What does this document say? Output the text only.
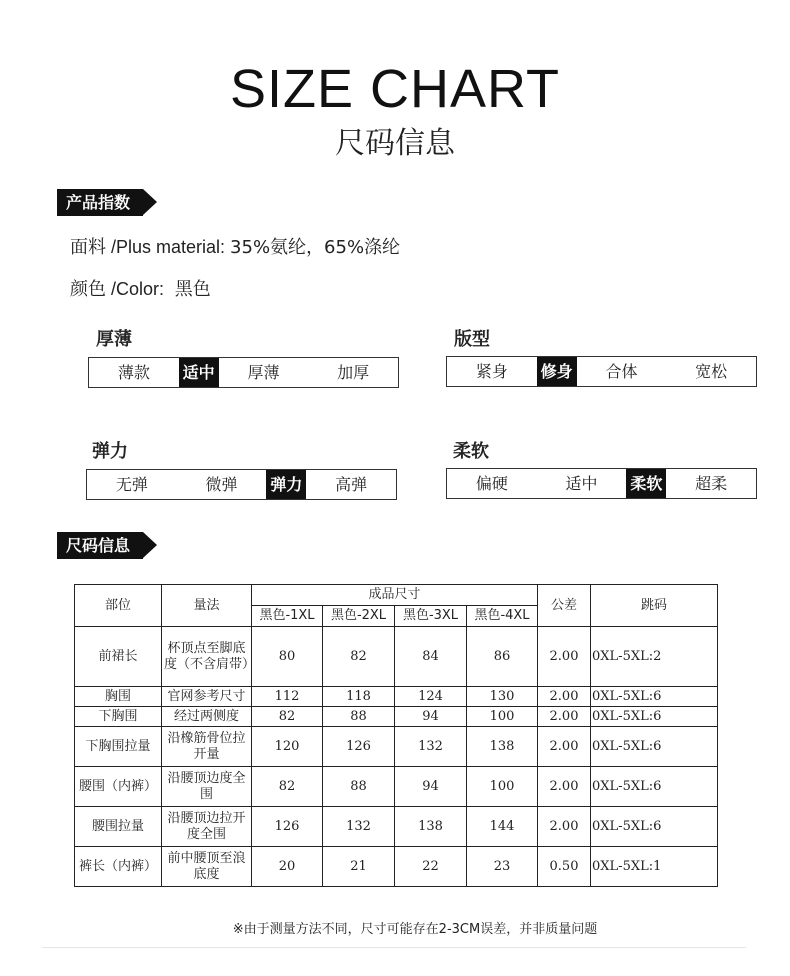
SIZE CHART
尺码信息
产品指数
面料 /Plus material: 35%氨纶，65%涤纶
颜色 /Color:  黑色
厚薄
薄款	适中	厚薄	加厚
版型
紧身	修身	合体	宽松
弹力
无弹	微弹	弹力	高弹
柔软
偏硬	适中	柔软	超柔
尺码信息
部位	量法	成品尺寸				公差	跳码
		黑色-1XL	黑色-2XL	黑色-3XL	黑色-4XL		
前裙长	杯顶点至脚底度（不含肩带）	80	82	84	86	2.00	0XL-5XL:2
胸围	官网参考尺寸	112	118	124	130	2.00	0XL-5XL:6
下胸围	经过两侧度	82	88	94	100	2.00	0XL-5XL:6
下胸围拉量	沿橡筋骨位拉开量	120	126	132	138	2.00	0XL-5XL:6
腰围（内裤）	沿腰顶边度全围	82	88	94	100	2.00	0XL-5XL:6
腰围拉量	沿腰顶边拉开度全围	126	132	138	144	2.00	0XL-5XL:6
裤长（内裤）	前中腰顶至浪底度	20	21	22	23	0.50	0XL-5XL:1
※由于测量方法不同，尺寸可能存在2-3CM误差，并非质量问题
